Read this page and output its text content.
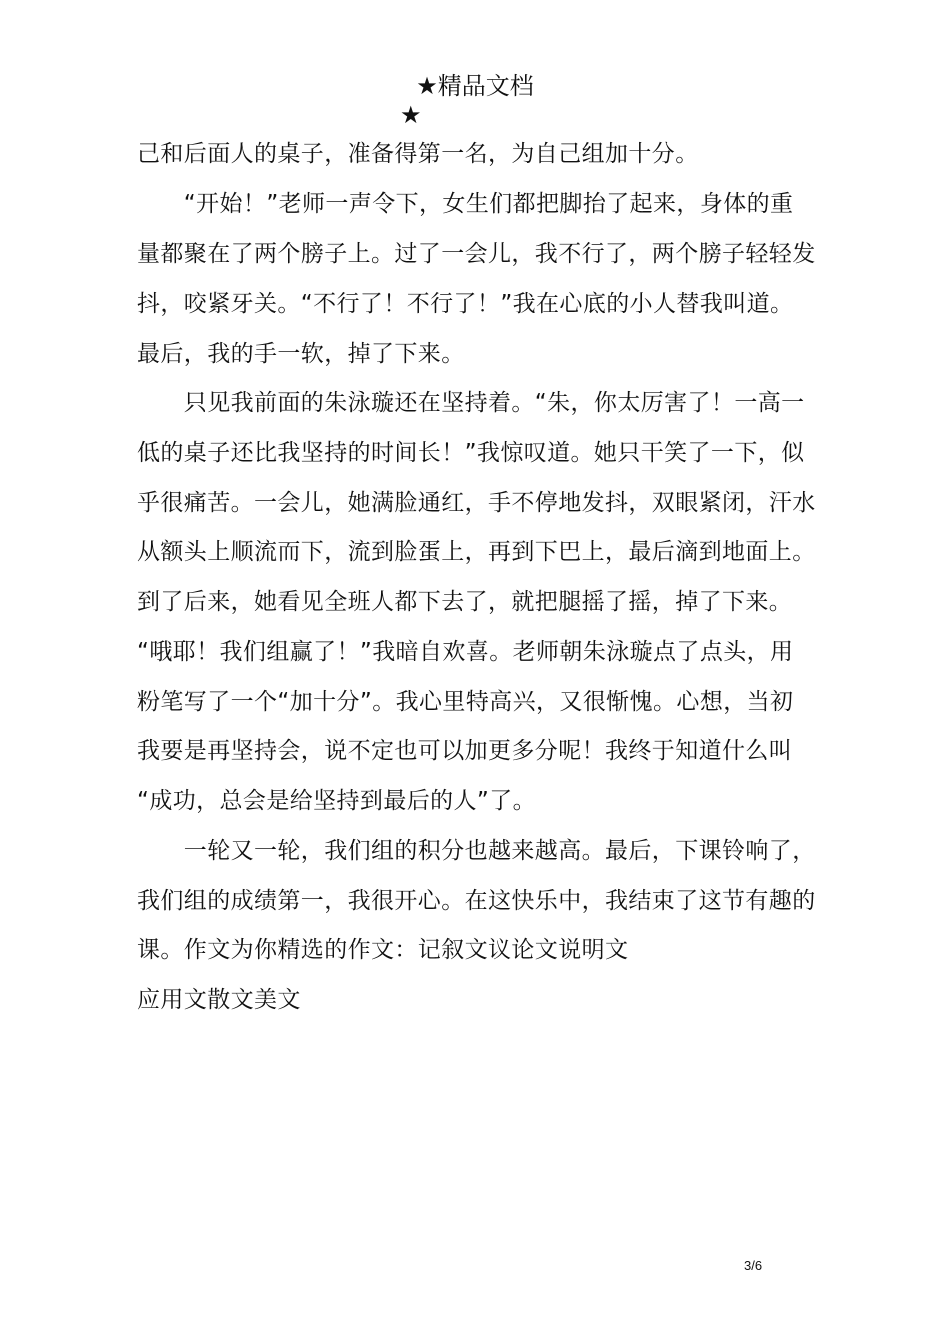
★精品文档
★
己和后面人的桌子，准备得第一名，为自己组加十分。
　　“开始！”老师一声令下，女生们都把脚抬了起来，身体的重
量都聚在了两个膀子上。过了一会儿，我不行了，两个膀子轻轻发
抖，咬紧牙关。“不行了！不行了！”我在心底的小人替我叫道。
最后，我的手一软，掉了下来。
　　只见我前面的朱泳璇还在坚持着。“朱，你太厉害了！一高一
低的桌子还比我坚持的时间长！”我惊叹道。她只干笑了一下，似
乎很痛苦。一会儿，她满脸通红，手不停地发抖，双眼紧闭，汗水
从额头上顺流而下，流到脸蛋上，再到下巴上，最后滴到地面上。
到了后来，她看见全班人都下去了，就把腿摇了摇，掉了下来。
“哦耶！我们组赢了！”我暗自欢喜。老师朝朱泳璇点了点头，用
粉笔写了一个“加十分”。我心里特高兴，又很惭愧。心想，当初
我要是再坚持会，说不定也可以加更多分呢！我终于知道什么叫
“成功，总会是给坚持到最后的人”了。
　　一轮又一轮，我们组的积分也越来越高。最后，下课铃响了，
我们组的成绩第一，我很开心。在这快乐中，我结束了这节有趣的
课。作文为你精选的作文：记叙文议论文说明文
应用文散文美文
3/6
